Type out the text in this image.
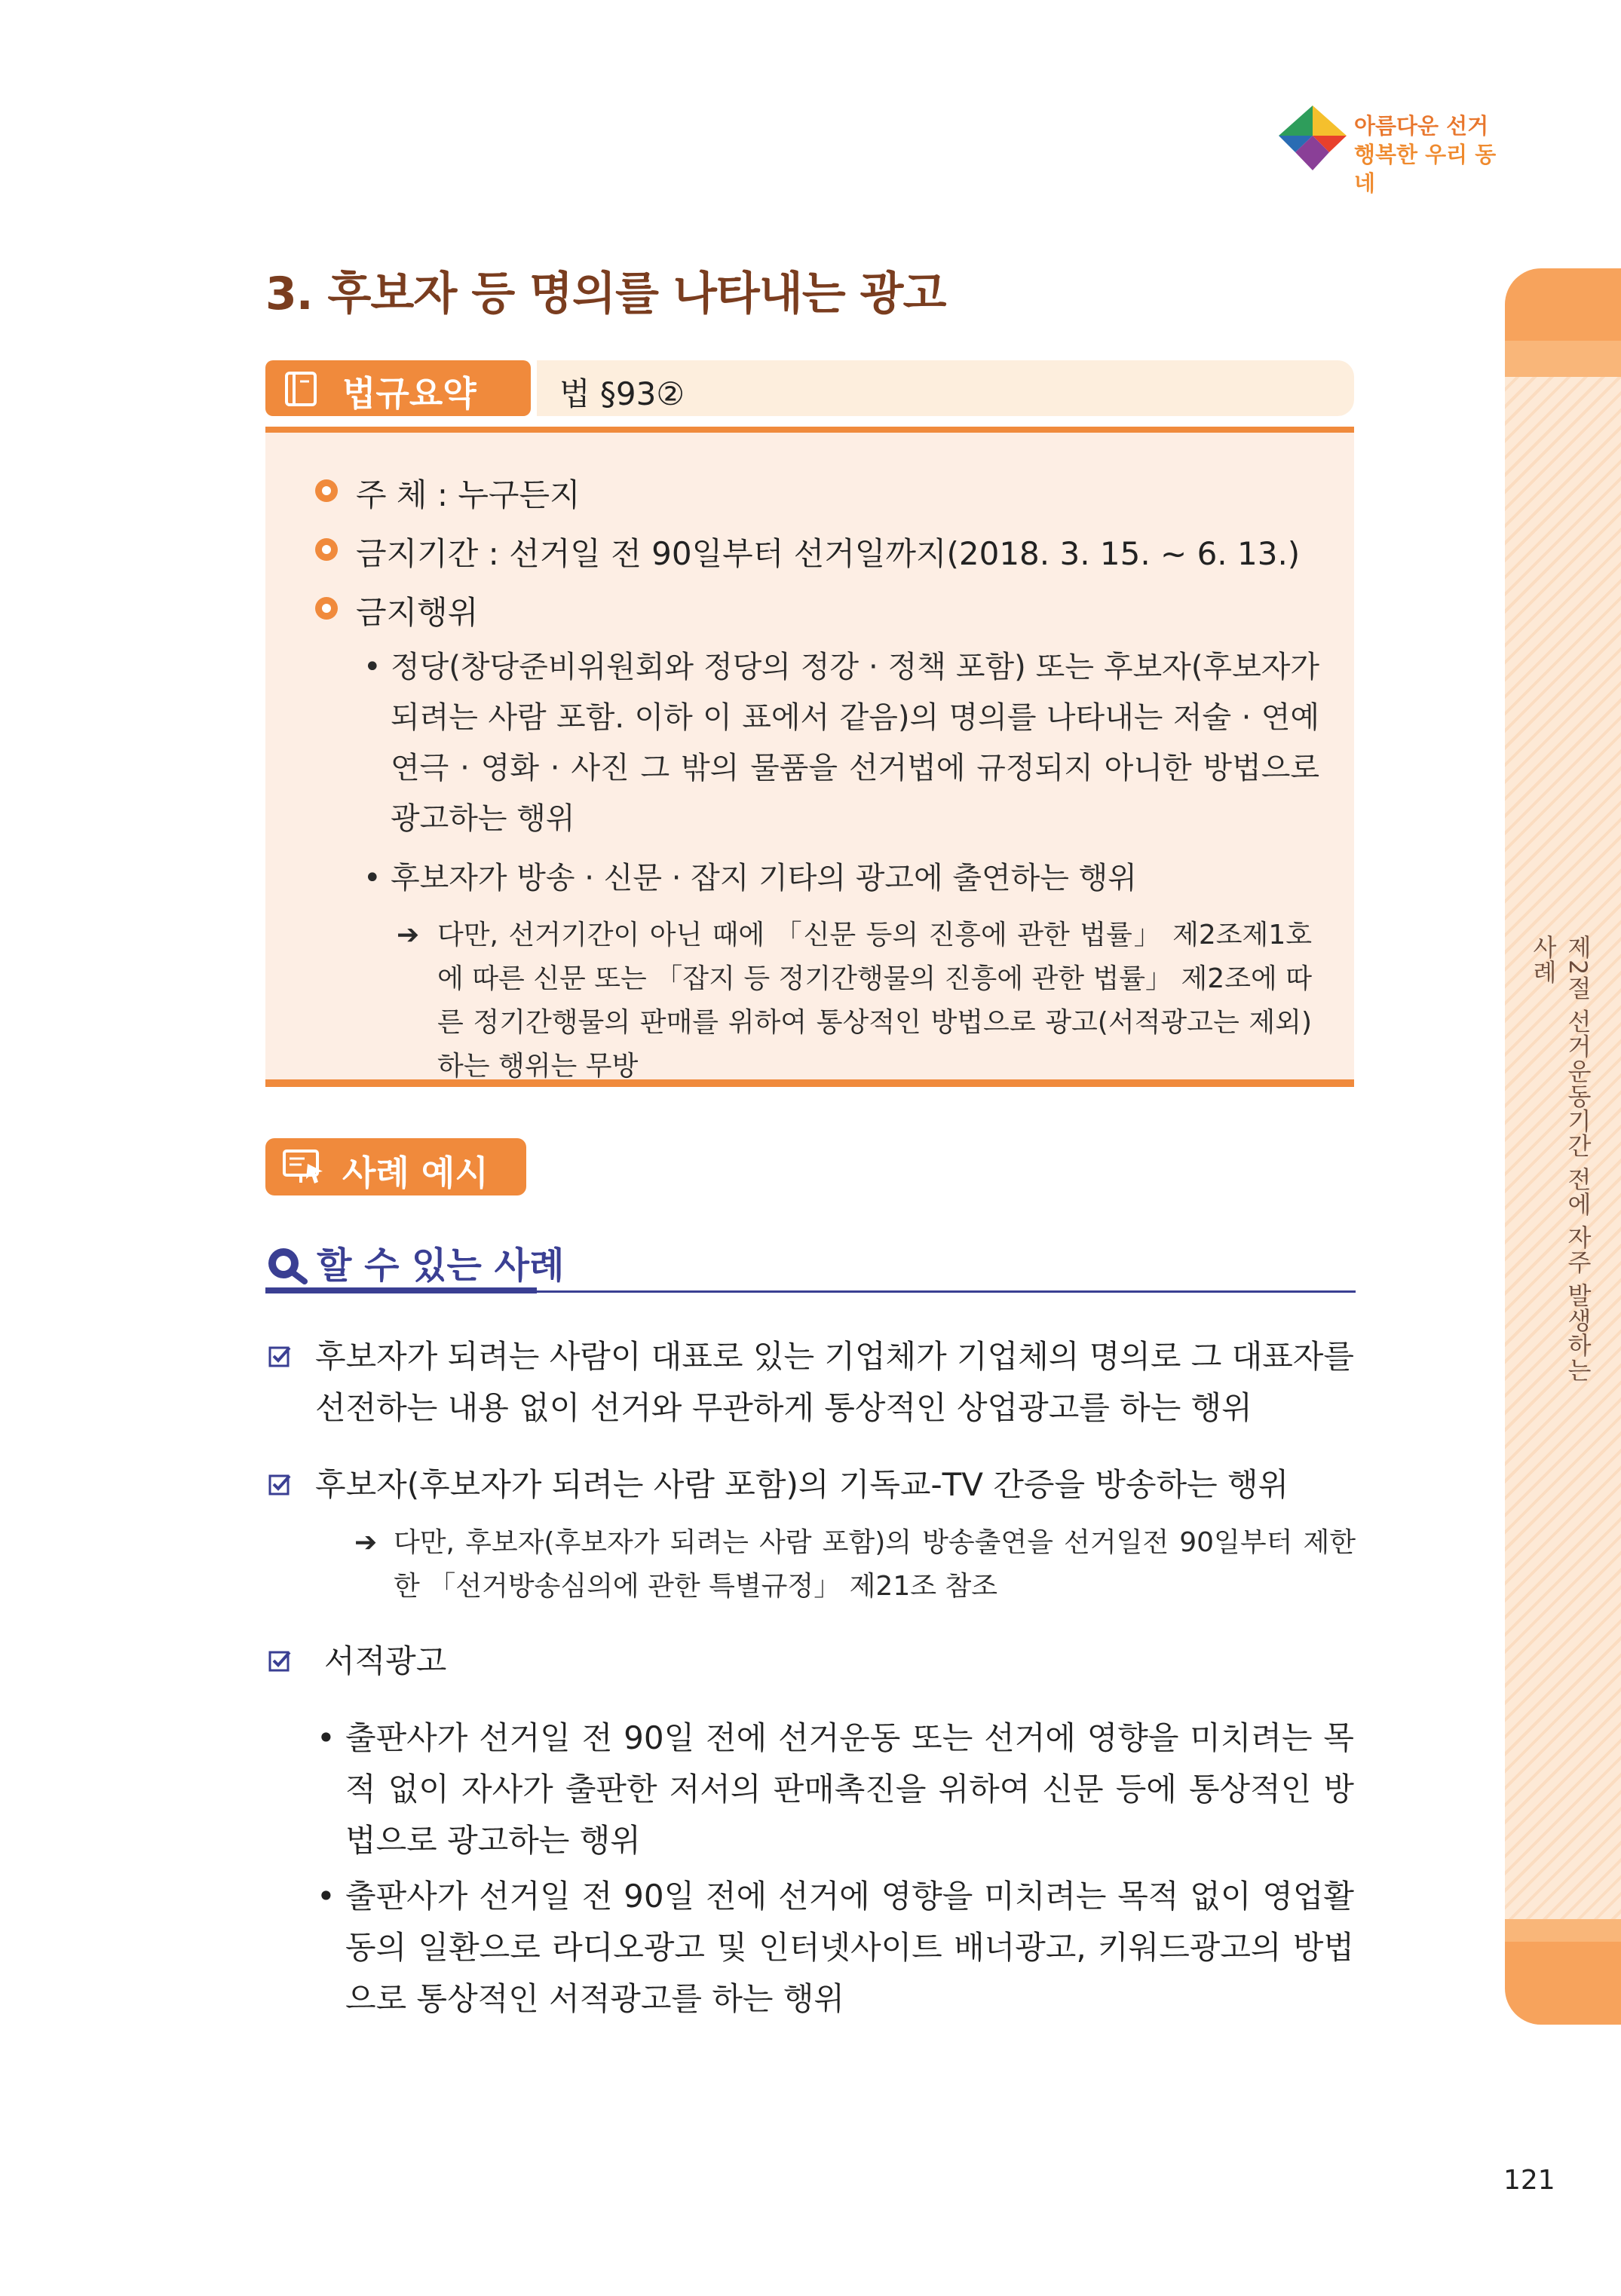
아름다운 선거
행복한 우리 동네
제2절 선거운동기간 전에 자주 발생하는 사례
3. 후보자 등 명의를 나타내는 광고
법규요약	법 §93②
주 체 : 누구든지
금지기간 : 선거일 전 90일부터 선거일까지(2018. 3. 15. ~ 6. 13.)
금지행위
• 정당(창당준비위원회와 정당의 정강 · 정책 포함) 또는 후보자(후보자가 되려는 사람 포함. 이하 이 표에서 같음)의 명의를 나타내는 저술 · 연예 연극 · 영화 · 사진 그 밖의 물품을 선거법에 규정되지 아니한 방법으로 광고하는 행위
• 후보자가 방송 · 신문 · 잡지 기타의 광고에 출연하는 행위
➔ 다만, 선거기간이 아닌 때에 「신문 등의 진흥에 관한 법률」 제2조제1호에 따른 신문 또는 「잡지 등 정기간행물의 진흥에 관한 법률」 제2조에 따른 정기간행물의 판매를 위하여 통상적인 방법으로 광고(서적광고는 제외)하는 행위는 무방
사례 예시
할 수 있는 사례
후보자가 되려는 사람이 대표로 있는 기업체가 기업체의 명의로 그 대표자를 선전하는 내용 없이 선거와 무관하게 통상적인 상업광고를 하는 행위
후보자(후보자가 되려는 사람 포함)의 기독교-TV 간증을 방송하는 행위
➔ 다만, 후보자(후보자가 되려는 사람 포함)의 방송출연을 선거일전 90일부터 제한한 「선거방송심의에 관한 특별규정」 제21조 참조
서적광고
• 출판사가 선거일 전 90일 전에 선거운동 또는 선거에 영향을 미치려는 목적 없이 자사가 출판한 저서의 판매촉진을 위하여 신문 등에 통상적인 방법으로 광고하는 행위
• 출판사가 선거일 전 90일 전에 선거에 영향을 미치려는 목적 없이 영업활동의 일환으로 라디오광고 및 인터넷사이트 배너광고, 키워드광고의 방법으로 통상적인 서적광고를 하는 행위
121
